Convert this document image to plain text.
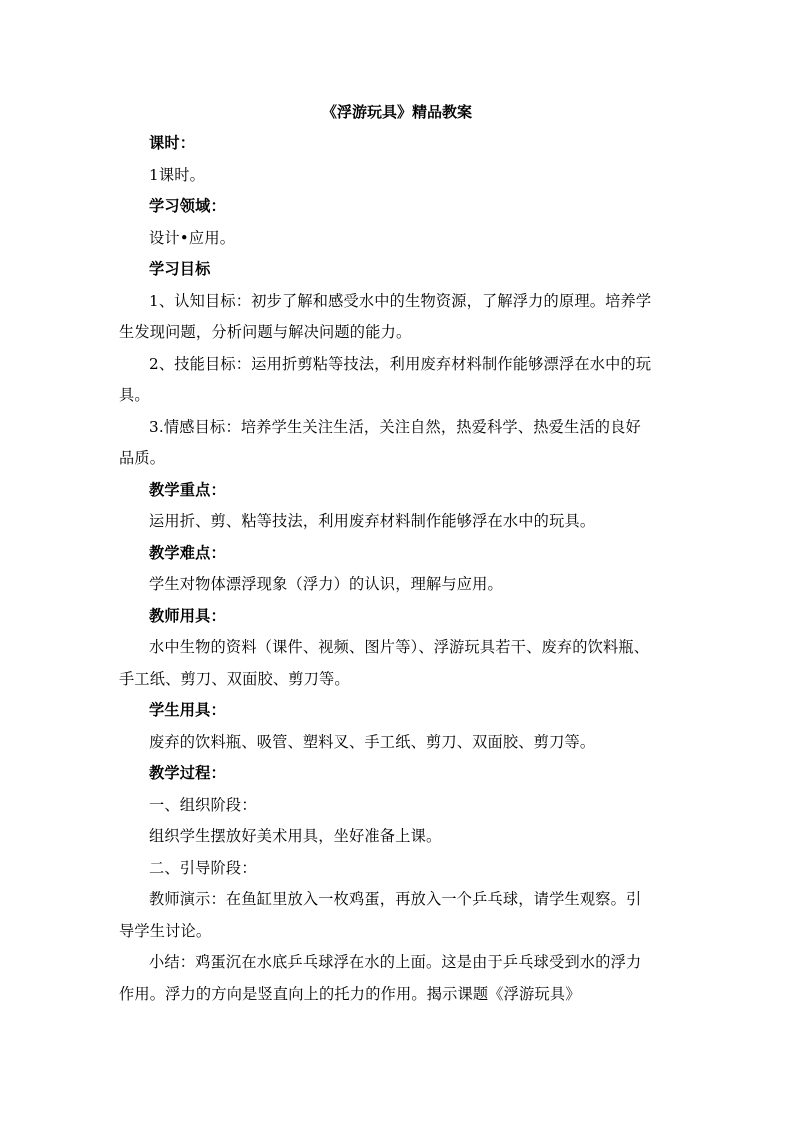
《浮游玩具》精品教案

课时：

1课时。

学习领域：

设计•应用。

学习目标

1、认知目标：初步了解和感受水中的生物资源，了解浮力的原理。培养学
生发现问题，分析问题与解决问题的能力。
2、技能目标：运用折剪粘等技法，利用废弃材料制作能够漂浮在水中的玩
具。
3.情感目标：培养学生关注生活，关注自然，热爱科学、热爱生活的良好
品质。

教学重点：

运用折、剪、粘等技法，利用废弃材料制作能够浮在水中的玩具。

教学难点：

学生对物体漂浮现象（浮力）的认识，理解与应用。

教师用具：

水中生物的资料（课件、视频、图片等）、浮游玩具若干、废弃的饮料瓶、
手工纸、剪刀、双面胶、剪刀等。

学生用具：

废弃的饮料瓶、吸管、塑料叉、手工纸、剪刀、双面胶、剪刀等。

教学过程：

一、组织阶段：

组织学生摆放好美术用具，坐好准备上课。

二、引导阶段：

教师演示：在鱼缸里放入一枚鸡蛋，再放入一个乒乓球，请学生观察。引
导学生讨论。
小结：鸡蛋沉在水底乒乓球浮在水的上面。这是由于乒乓球受到水的浮力
作用。浮力的方向是竖直向上的托力的作用。揭示课题《浮游玩具》
